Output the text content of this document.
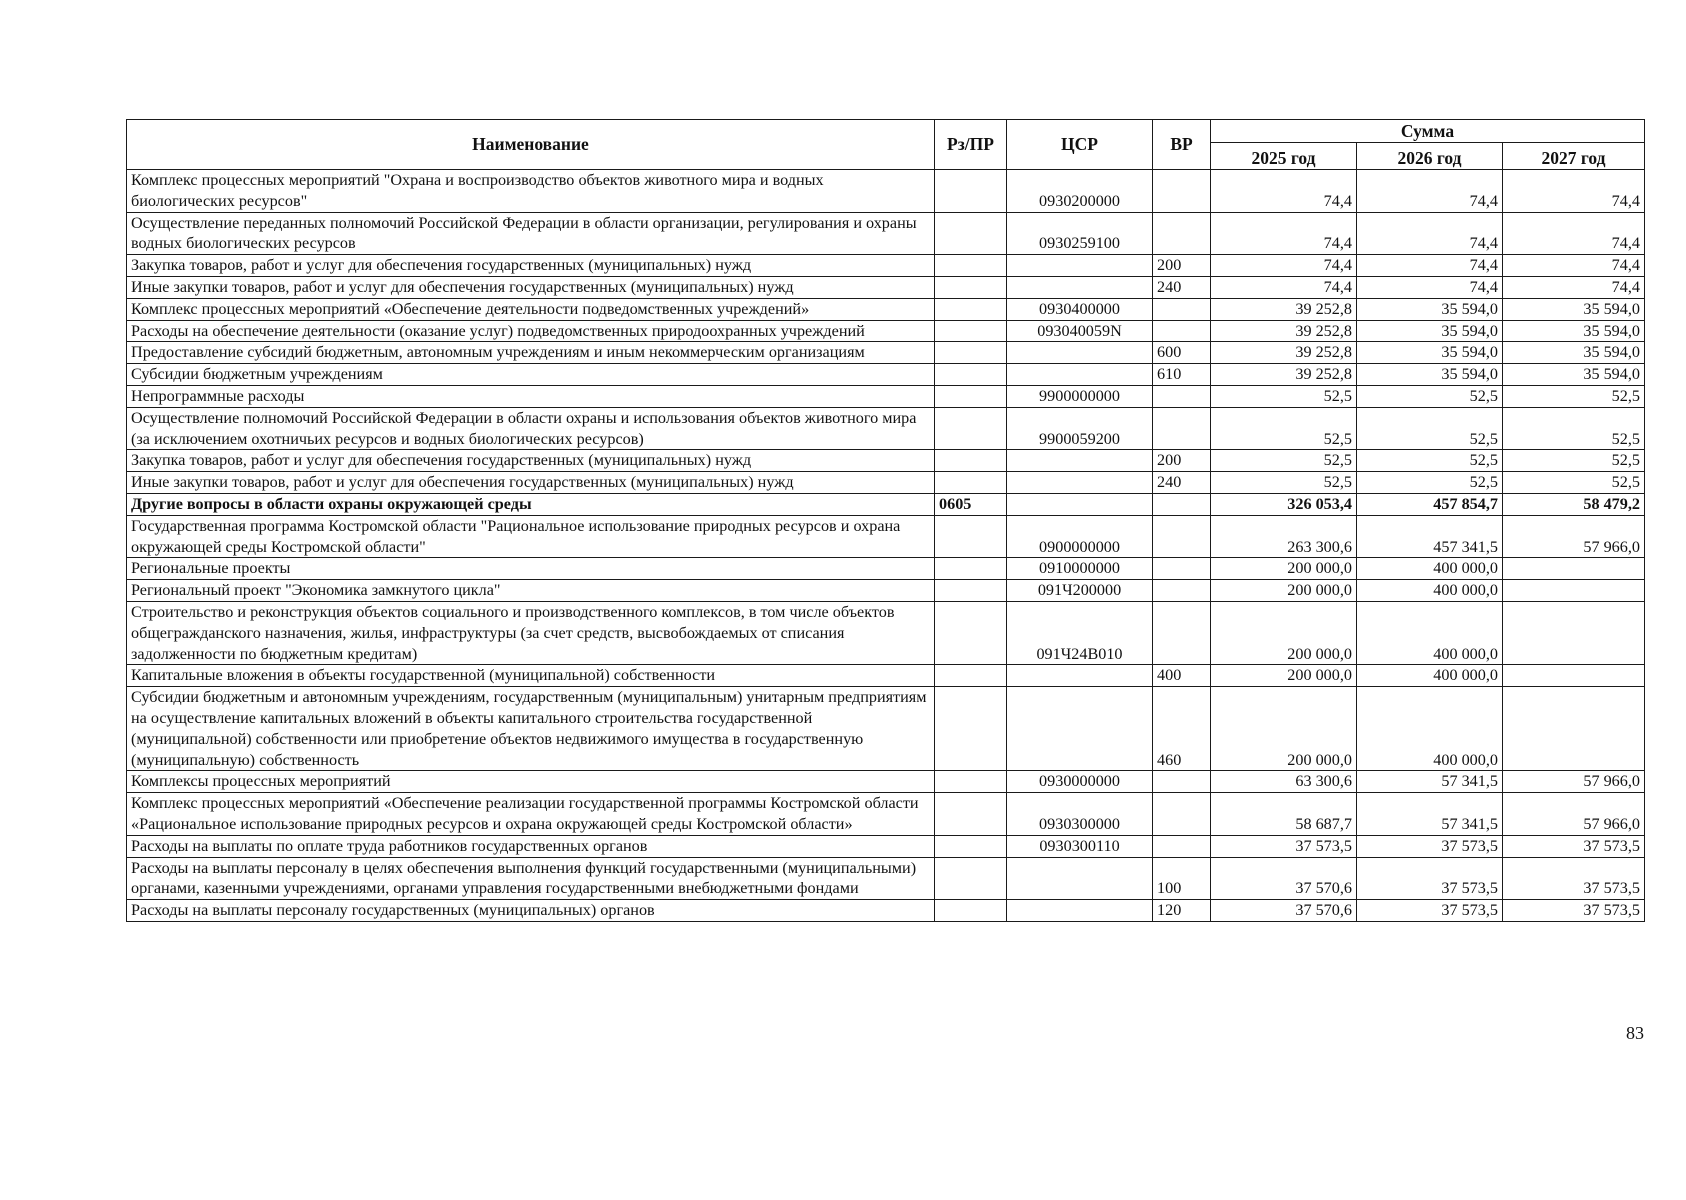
Наименование	Рз/ПР	ЦСР	ВР	Сумма		
				2025 год	2026 год	2027 год
Комплекс процессных мероприятий "Охрана и воспроизводство объектов животного мира и водных биологических ресурсов"		0930200000		74,4	74,4	74,4
Осуществление переданных полномочий Российской Федерации в области организации, регулирования и охраны водных биологических ресурсов		0930259100		74,4	74,4	74,4
Закупка товаров, работ и услуг для обеспечения государственных (муниципальных) нужд			200	74,4	74,4	74,4
Иные закупки товаров, работ и услуг для обеспечения государственных (муниципальных) нужд			240	74,4	74,4	74,4
Комплекс процессных мероприятий «Обеспечение деятельности подведомственных учреждений»		0930400000		39 252,8	35 594,0	35 594,0
Расходы на обеспечение деятельности (оказание услуг) подведомственных природоохранных учреждений		093040059N		39 252,8	35 594,0	35 594,0
Предоставление субсидий бюджетным, автономным учреждениям и иным некоммерческим организациям			600	39 252,8	35 594,0	35 594,0
Субсидии бюджетным учреждениям			610	39 252,8	35 594,0	35 594,0
Непрограммные расходы		9900000000		52,5	52,5	52,5
Осуществление полномочий Российской Федерации в области охраны и использования объектов животного мира (за исключением охотничьих ресурсов и водных биологических ресурсов)		9900059200		52,5	52,5	52,5
Закупка товаров, работ и услуг для обеспечения государственных (муниципальных) нужд			200	52,5	52,5	52,5
Иные закупки товаров, работ и услуг для обеспечения государственных (муниципальных) нужд			240	52,5	52,5	52,5
Другие вопросы в области охраны окружающей среды	0605			326 053,4	457 854,7	58 479,2
Государственная программа Костромской области "Рациональное использование природных ресурсов и охрана окружающей среды Костромской области"		0900000000		263 300,6	457 341,5	57 966,0
Региональные проекты		0910000000		200 000,0	400 000,0	
Региональный проект "Экономика замкнутого цикла"		091Ч200000		200 000,0	400 000,0	
Строительство и реконструкция объектов социального и производственного комплексов, в том числе объектов общегражданского назначения, жилья, инфраструктуры (за счет средств, высвобождаемых от списания задолженности по бюджетным кредитам)		091Ч24В010		200 000,0	400 000,0	
Капитальные вложения в объекты государственной (муниципальной) собственности			400	200 000,0	400 000,0	
Субсидии бюджетным и автономным учреждениям, государственным (муниципальным) унитарным предприятиям на осуществление капитальных вложений в объекты капитального строительства государственной (муниципальной) собственности или приобретение объектов недвижимого имущества в государственную (муниципальную) собственность			460	200 000,0	400 000,0	
Комплексы процессных мероприятий		0930000000		63 300,6	57 341,5	57 966,0
Комплекс процессных мероприятий «Обеспечение реализации государственной программы Костромской области «Рациональное использование природных ресурсов и охрана окружающей среды Костромской области»		0930300000		58 687,7	57 341,5	57 966,0
Расходы на выплаты по оплате труда работников государственных органов		0930300110		37 573,5	37 573,5	37 573,5
Расходы на выплаты персоналу в целях обеспечения выполнения функций государственными (муниципальными) органами, казенными учреждениями, органами управления государственными внебюджетными фондами			100	37 570,6	37 573,5	37 573,5
Расходы на выплаты персоналу государственных (муниципальных) органов			120	37 570,6	37 573,5	37 573,5
83
